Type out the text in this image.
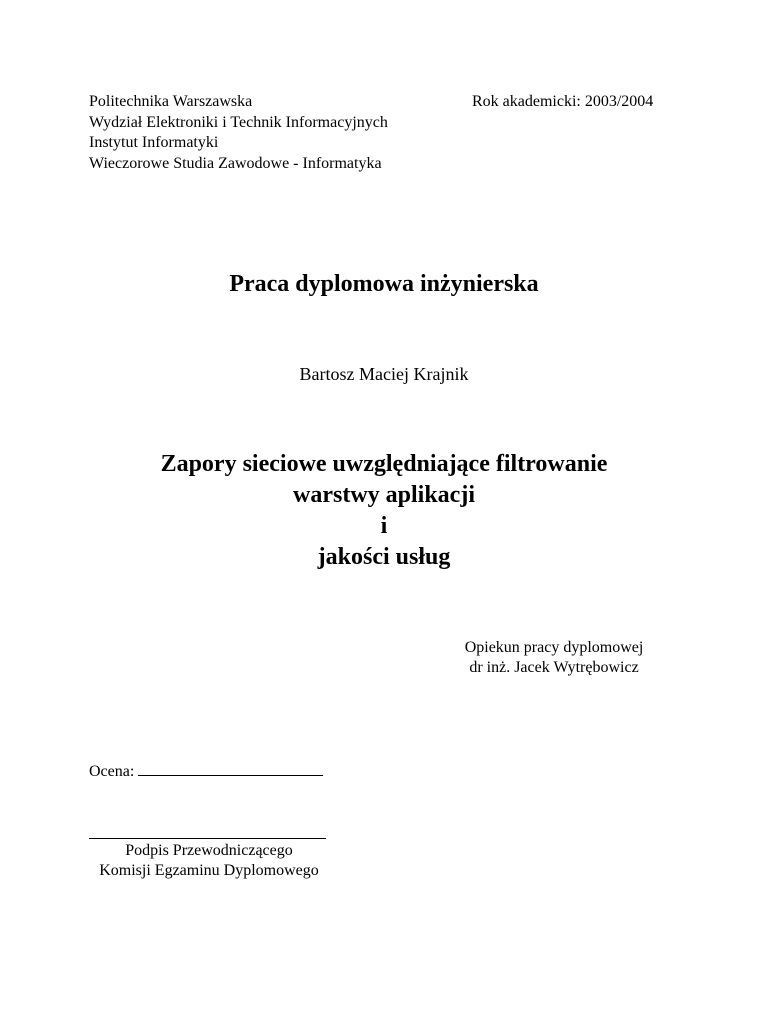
Politechnika Warszawska
Wydział Elektroniki i Technik Informacyjnych
Instytut Informatyki
Wieczorowe Studia Zawodowe - Informatyka
Rok akademicki: 2003/2004
Praca dyplomowa inżynierska
Bartosz Maciej Krajnik
Zapory sieciowe uwzględniające filtrowanie
warstwy aplikacji
i
jakości usług
Opiekun pracy dyplomowej
dr inż. Jacek Wytrębowicz
Ocena:
Podpis Przewodniczącego
Komisji Egzaminu Dyplomowego
